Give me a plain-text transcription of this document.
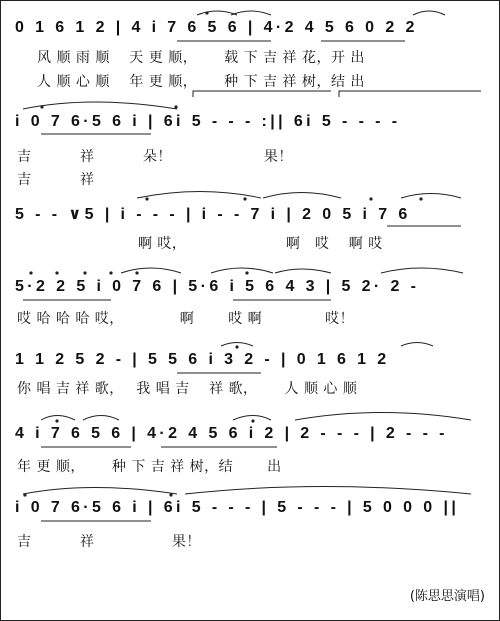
0 1 6 1 2 | 4 i 7 6 5 6 | 4·2 4 5 6 0 2 2
风 顺 雨 顺　 天 更 顺，　　 载 下 吉 祥 花，开 出
人 顺 心 顺　 年 更 顺，　　 种 下 吉 祥 树，结 出
i 0 7 6·5 6 i | 6i 5 - - - :|| 6i 5 - - - -
吉　　　 祥　　　 朵！　　　　　　 果！
吉　　　 祥
5 - - ∨5 | i - - - | i - - 7 i | 2 0 5 i 7 6
　　　　　　　　 啊 哎，　　　　　　　 啊　哎　 啊 哎
5·2 2 5 i 0 7 6 | 5·6 i 5 6 4 3 | 5 2· 2 -
哎 哈 哈 哈 哎，　　　　 啊　　 哎 啊　　　　 哎！
1 1 2 5 2 - | 5 5 6 i 3 2 - | 0 1 6 1 2
你 唱 吉 祥 歌，　 我 唱 吉　 祥 歌，　　 人 顺 心 顺
4 i 7 6 5 6 | 4·2 4 5 6 i 2 | 2 - - - | 2 - - -
年 更 顺，　　 种 下 吉 祥 树，结　　 出
i 0 7 6·5 6 i | 6i 5 - - - | 5 - - - | 5 0 0 0 ||
吉　　　 祥　　　　　 果！
(陈思思演唱)
